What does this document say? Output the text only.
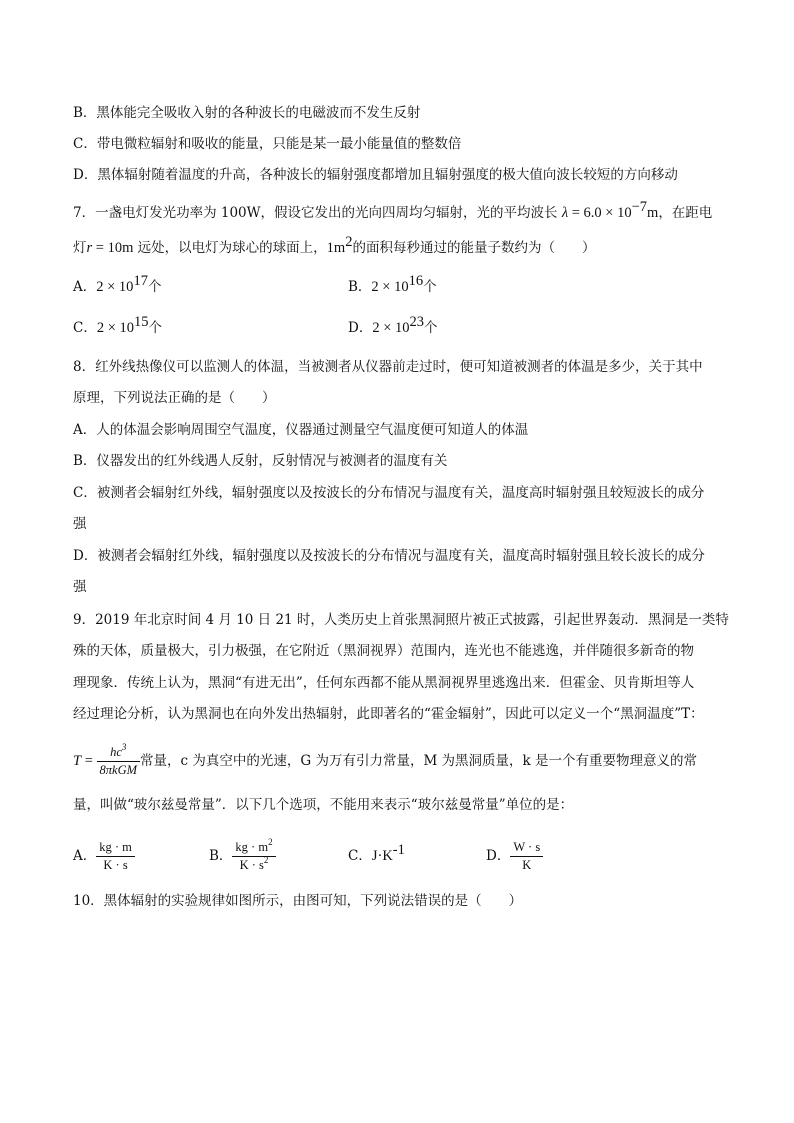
B．黑体能完全吸收入射的各种波长的电磁波而不发生反射
C．带电微粒辐射和吸收的能量，只能是某一最小能量值的整数倍
D．黑体辐射随着温度的升高，各种波长的辐射强度都增加且辐射强度的极大值向波长较短的方向移动
7．一盏电灯发光功率为 100W，假设它发出的光向四周均匀辐射，光的平均波长 $\lambda = 6.0 \times 10^{-7}m$，在距电
灯r = 10m 远处，以电灯为球心的球面上，$1m^2$的面积每秒通过的能量子数约为（　　）
A．$2 \times 10^{17}$个	B．$2 \times 10^{16}$个
C．$2 \times 10^{15}$个	D．$2 \times 10^{23}$个
8．红外线热像仪可以监测人的体温，当被测者从仪器前走过时，便可知道被测者的体温是多少，关于其中
原理，下列说法正确的是（　　）
A．人的体温会影响周围空气温度，仪器通过测量空气温度便可知道人的体温
B．仪器发出的红外线遇人反射，反射情况与被测者的温度有关
C．被测者会辐射红外线，辐射强度以及按波长的分布情况与温度有关，温度高时辐射强且较短波长的成分
强
D．被测者会辐射红外线，辐射强度以及按波长的分布情况与温度有关，温度高时辐射强且较长波长的成分
强
9．2019 年北京时间 4 月 10 日 21 时，人类历史上首张黑洞照片被正式披露，引起世界轰动．黑洞是一类特
殊的天体，质量极大，引力极强，在它附近（黑洞视界）范围内，连光也不能逃逸，并伴随很多新奇的物
理现象．传统上认为，黑洞“有进无出”，任何东西都不能从黑洞视界里逃逸出来．但霍金、贝肯斯坦等人
经过理论分析，认为黑洞也在向外发出热辐射，此即著名的“霍金辐射”，因此可以定义一个“黑洞温度”T：
$T = \frac{hc^3}{\text{8πkGM}}$ 常量，c 为真空中的光速，G 为万有引力常量，M 为黑洞质量，k 是一个有重要物理意义的常
量，叫做“玻尔兹曼常量”．以下几个选项，不能用来表示“玻尔兹曼常量”单位的是：
A． $\frac{kg \cdot m}{K \cdot s}$	B． $\frac{kg \cdot m^2}{K \cdot s^2}$	C．$J\cdot K^{-1}$	D． $\frac{W \cdot s}{K}$
10．黑体辐射的实验规律如图所示，由图可知，下列说法错误的是（　　）
